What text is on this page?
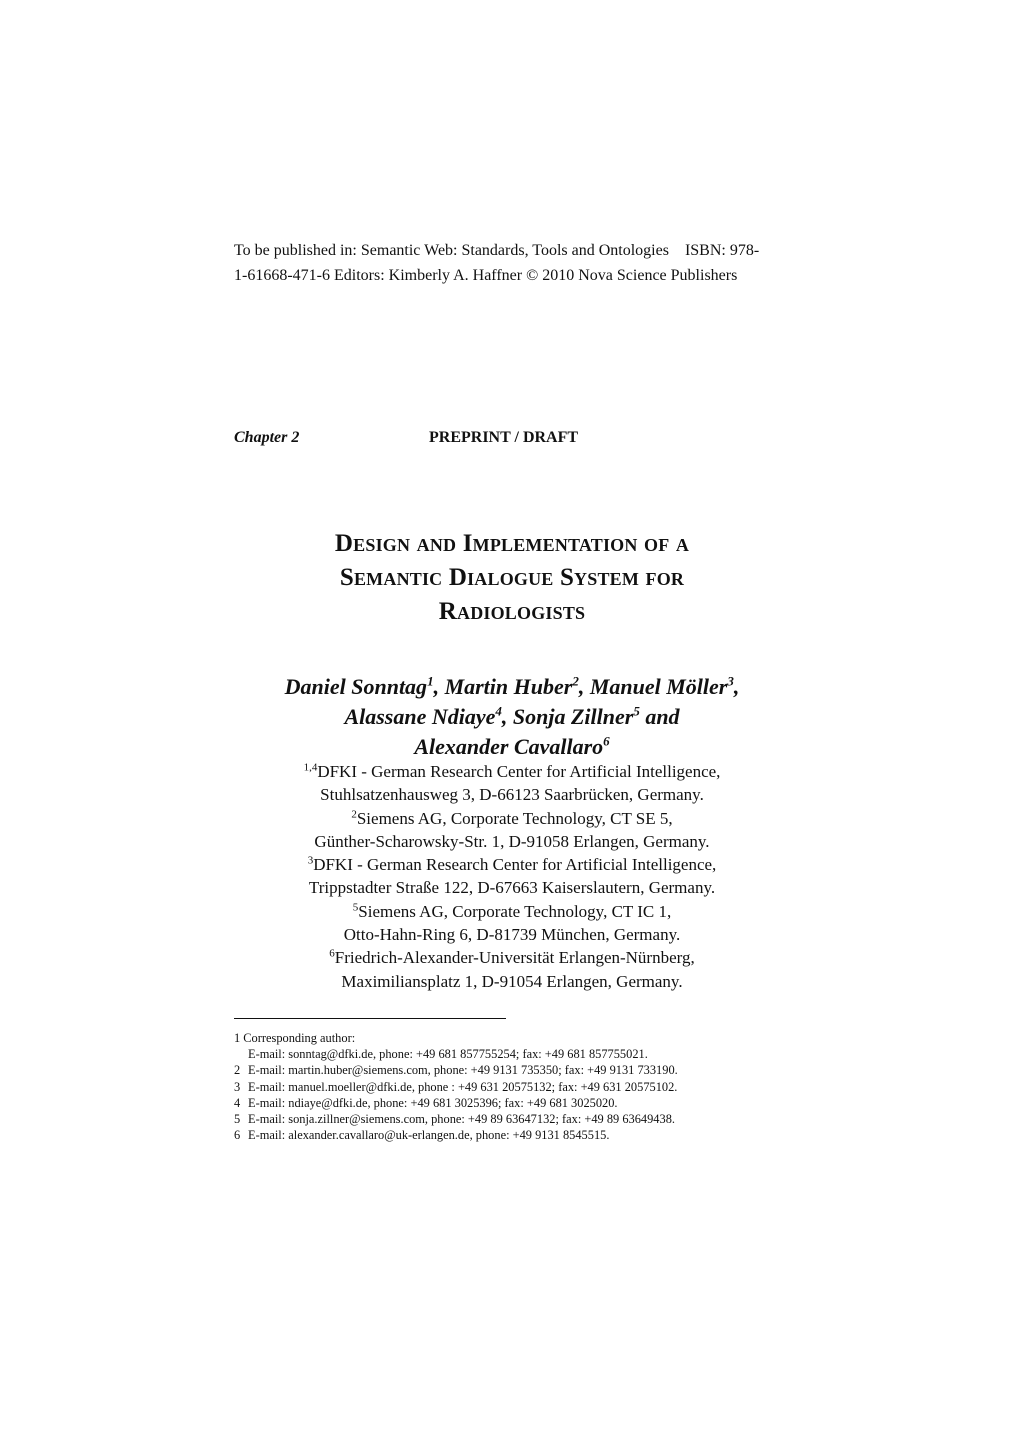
To be published in: Semantic Web: Standards, Tools and Ontologies    ISBN: 978-
1-61668-471-6 Editors: Kimberly A. Haffner © 2010 Nova Science Publishers
Chapter 2	PREPRINT / DRAFT
Design and Implementation of a
Semantic Dialogue System for
Radiologists
Daniel Sonntag$^1$, Martin Huber$^2$, Manuel Möller$^3$,
Alassane Ndiaye$^4$, Sonja Zillner$^5$ and
Alexander Cavallaro$^6$
$^{1,4}$DFKI - German Research Center for Artificial Intelligence,
Stuhlsatzenhausweg 3, D-66123 Saarbrücken, Germany.
$^2$Siemens AG, Corporate Technology, CT SE 5,
Günther-Scharowsky-Str. 1, D-91058 Erlangen, Germany.
$^3$DFKI - German Research Center for Artificial Intelligence,
Trippstadter Straße 122, D-67663 Kaiserslautern, Germany.
$^5$Siemens AG, Corporate Technology, CT IC 1,
Otto-Hahn-Ring 6, D-81739 München, Germany.
$^6$Friedrich-Alexander-Universität Erlangen-Nürnberg,
Maximiliansplatz 1, D-91054 Erlangen, Germany.
1 Corresponding author:
E-mail: sonntag@dfki.de, phone: +49 681 857755254; fax: +49 681 857755021.
2 E-mail: martin.huber@siemens.com, phone: +49 9131 735350; fax: +49 9131 733190.
3 E-mail: manuel.moeller@dfki.de, phone : +49 631 20575132; fax: +49 631 20575102.
4 E-mail: ndiaye@dfki.de, phone: +49 681 3025396; fax: +49 681 3025020.
5 E-mail: sonja.zillner@siemens.com, phone: +49 89 63647132; fax: +49 89 63649438.
6 E-mail: alexander.cavallaro@uk-erlangen.de, phone: +49 9131 8545515.
